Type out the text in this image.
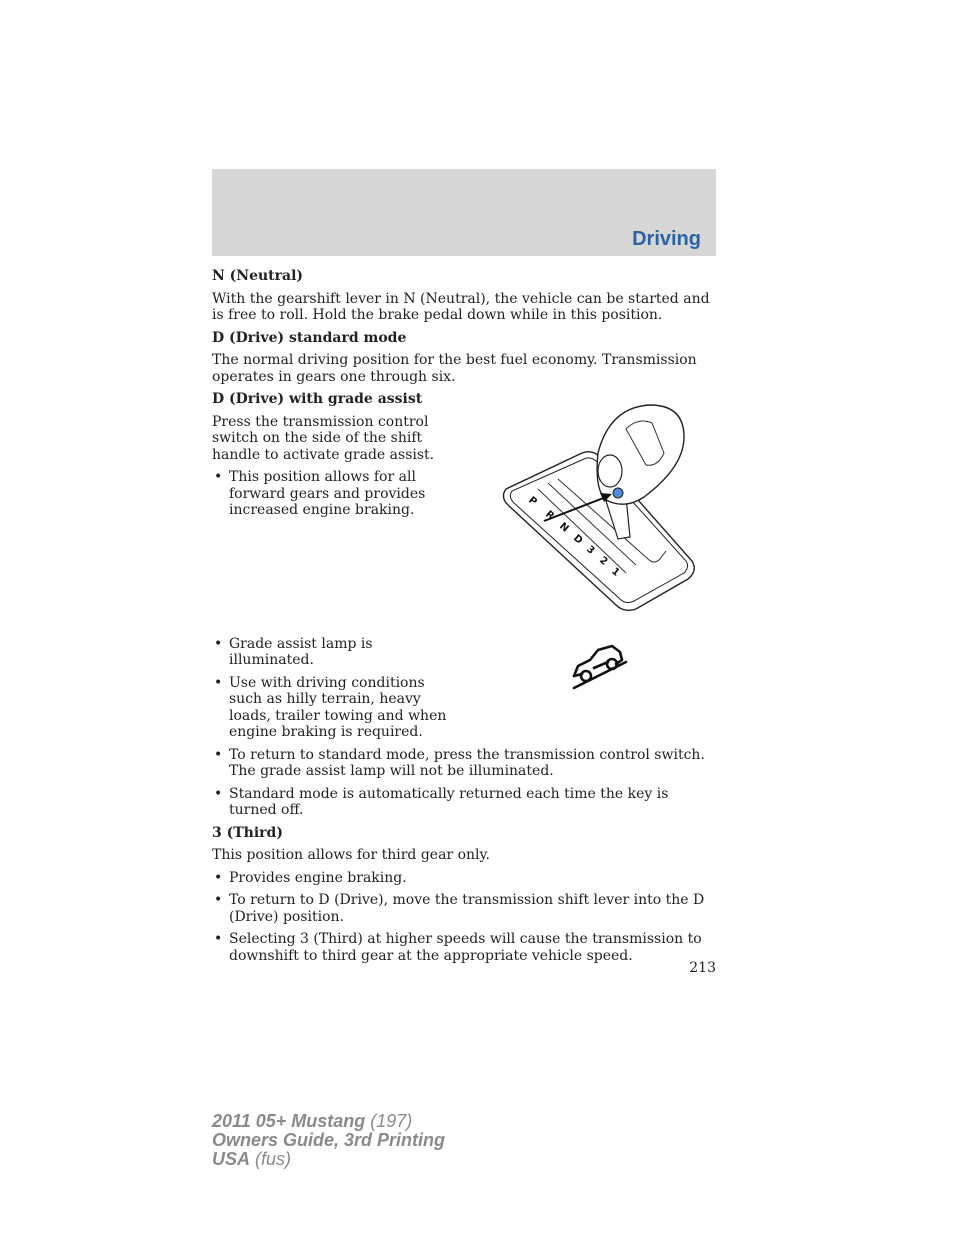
Driving

N (Neutral)

With the gearshift lever in N (Neutral), the vehicle can be started and is free to roll. Hold the brake pedal down while in this position.

D (Drive) standard mode

The normal driving position for the best fuel economy. Transmission operates in gears one through six.

D (Drive) with grade assist

Press the transmission control switch on the side of the shift handle to activate grade assist.

• This position allows for all forward gears and provides increased engine braking.
• Grade assist lamp is illuminated.
• Use with driving conditions such as hilly terrain, heavy loads, trailer towing and when engine braking is required.
• To return to standard mode, press the transmission control switch. The grade assist lamp will not be illuminated.
• Standard mode is automatically returned each time the key is turned off.

3 (Third)

This position allows for third gear only.

• Provides engine braking.
• To return to D (Drive), move the transmission shift lever into the D (Drive) position.
• Selecting 3 (Third) at higher speeds will cause the transmission to downshift to third gear at the appropriate vehicle speed.
P
R
N
D
3
2
1
213
2011 05+ Mustang (197)
Owners Guide, 3rd Printing
USA (fus)
